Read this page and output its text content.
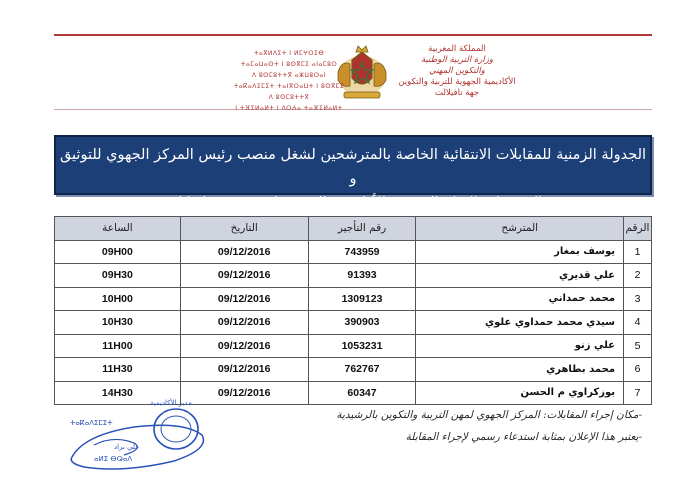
المملكة المغربية
وزارة التربية الوطنية
والتكوين المهني
الأكاديمية الجهوية للتربية والتكوين
جهة تافيلالت
ⵜⴰⴳⵍⴷⵉⵜ ⵏ ⵍⵎⵖⵔⵉⴱ
ⵜⴰⵎⴰⵡⴰⵙⵜ ⵏ ⵓⵙⴳⵎⵉ ⴰⵏⴰⵎⵓⵔ
ⴷ ⵓⵙⵎⵓⵜⵜⴳ ⴰⵣⵡⵓⵔⴰⵏ
ⵜⴰⴽⴰⴷⵉⵎⵉⵜ ⵜⴰⵏⴳⵔⴰⵡⵜ ⵏ ⵓⵙⴳⵎⵉ
ⴷ ⵓⵙⵎⵓⵜⵜⴳ
ⵏ ⵜⴼⵉⵍⴰⵍⵜ ⵏ ⴷⵔⵄⴰ ⵜⴰⴼⵉⵍⴰⵍⵜ
الجدولة الزمنية للمقابلات الانتقائية الخاصة بالمترشحين لشغل منصب رئيس المركز الجهوي للتوثيق و
التنشيط و الإنتاج التربوي بالأكاديمية الجهوية لجهة درعة تافيلالت
الرقم	المترشح	رقم التأجير	التاريخ	الساعة
1	يوسف بمغار	743959	09/12/2016	09H00
2	علي قديري	91393	09/12/2016	09H30
3	محمد حمداني	1309123	09/12/2016	10H00
4	سيدي محمد حمداوي علوي	390903	09/12/2016	10H30
5	علي زنو	1053231	09/12/2016	11H00
6	محمد بطاهري	762767	09/12/2016	11H30
7	بوزكراوي م الحسن	60347	09/12/2016	14H30
-مكان إجراء المقابلات: المركز الجهوي لمهن التربية والتكوين بالرشيدية
-يعتبر هذا الإعلان بمثابة استدعاء رسمي لإجراء المقابلة
مدير الأكاديمية
ⵜⴰⴽⴰⴷⵉⵎⵉⵜ
علي براد
ⴰⵍⵉ ⴱⵕⴰⴷ
